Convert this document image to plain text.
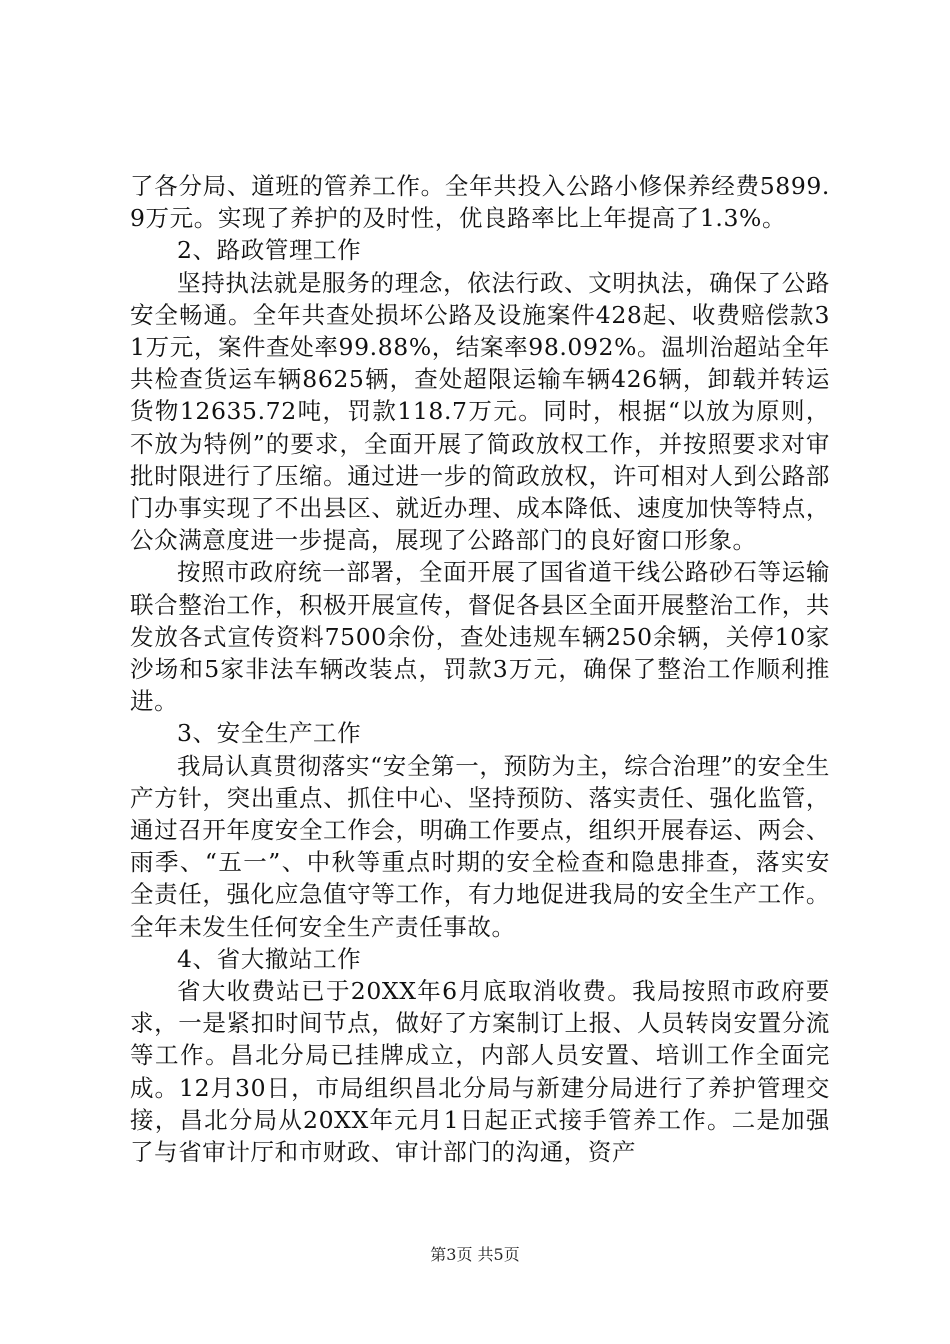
了各分局、道班的管养工作。全年共投入公路小修保养经费5899.9万元。实现了养护的及时性，优良路率比上年提高了1.3%。

2、路政管理工作

坚持执法就是服务的理念，依法行政、文明执法，确保了公路安全畅通。全年共查处损坏公路及设施案件428起、收费赔偿款31万元，案件查处率99.88%，结案率98.092%。温圳治超站全年共检查货运车辆8625辆，查处超限运输车辆426辆，卸载并转运货物12635.72吨，罚款118.7万元。同时，根据“以放为原则，不放为特例”的要求，全面开展了简政放权工作，并按照要求对审批时限进行了压缩。通过进一步的简政放权，许可相对人到公路部门办事实现了不出县区、就近办理、成本降低、速度加快等特点，公众满意度进一步提高，展现了公路部门的良好窗口形象。

按照市政府统一部署，全面开展了国省道干线公路砂石等运输联合整治工作，积极开展宣传，督促各县区全面开展整治工作，共发放各式宣传资料7500余份，查处违规车辆250余辆，关停10家沙场和5家非法车辆改装点，罚款3万元，确保了整治工作顺利推进。

3、安全生产工作

我局认真贯彻落实“安全第一，预防为主，综合治理”的安全生产方针，突出重点、抓住中心、坚持预防、落实责任、强化监管，通过召开年度安全工作会，明确工作要点，组织开展春运、两会、雨季、“五一”、中秋等重点时期的安全检查和隐患排查，落实安全责任，强化应急值守等工作，有力地促进我局的安全生产工作。全年未发生任何安全生产责任事故。

4、省大撤站工作

省大收费站已于20XX年6月底取消收费。我局按照市政府要求，一是紧扣时间节点，做好了方案制订上报、人员转岗安置分流等工作。昌北分局已挂牌成立，内部人员安置、培训工作全面完成。12月30日，市局组织昌北分局与新建分局进行了养护管理交接，昌北分局从20XX年元月1日起正式接手管养工作。二是加强了与省审计厅和市财政、审计部门的沟通，资产

第3页 共5页
